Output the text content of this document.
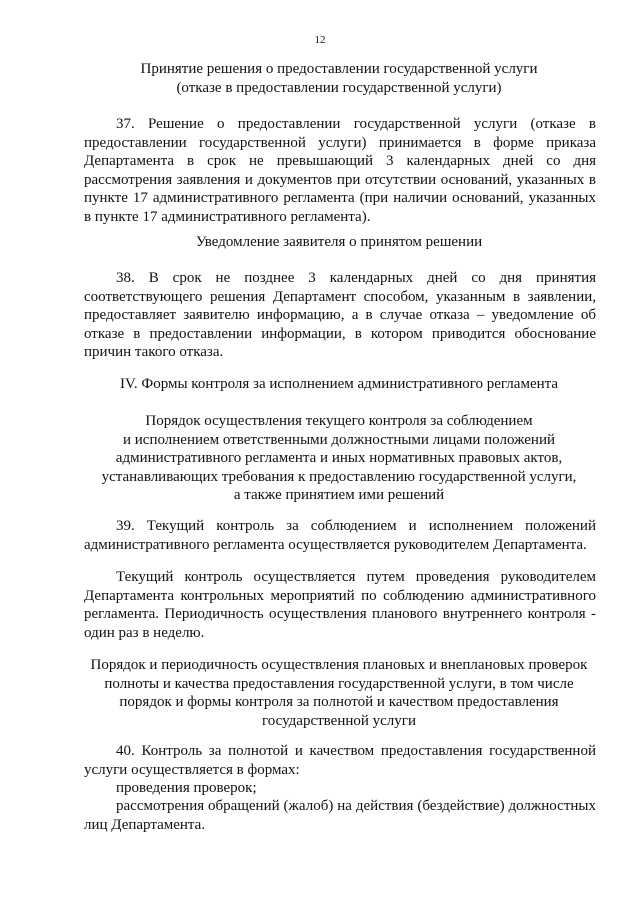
12
Принятие решения о предоставлении государственной услуги
(отказе в предоставлении государственной услуги)
37. Решение о предоставлении государственной услуги (отказе в предоставлении государственной услуги) принимается в форме приказа Департамента в срок не превышающий 3 календарных дней со дня рассмотрения заявления и документов при отсутствии оснований, указанных в пункте 17 административного регламента (при наличии оснований, указанных в пункте 17 административного регламента).
Уведомление заявителя о принятом решении
38. В срок не позднее 3 календарных дней со дня принятия соответствующего решения Департамент способом, указанным в заявлении, предоставляет заявителю информацию, а в случае отказа – уведомление об отказе в предоставлении информации, в котором приводится обоснование причин такого отказа.
IV. Формы контроля за исполнением административного регламента
Порядок осуществления текущего контроля за соблюдением
и исполнением ответственными должностными лицами положений
административного регламента и иных нормативных правовых актов,
устанавливающих требования к предоставлению государственной услуги,
а также принятием ими решений
39. Текущий контроль за соблюдением и исполнением положений административного регламента осуществляется руководителем Департамента.
Текущий контроль осуществляется путем проведения руководителем Департамента контрольных мероприятий по соблюдению административного регламента. Периодичность осуществления планового внутреннего контроля - один раз в неделю.
Порядок и периодичность осуществления плановых и внеплановых проверок
полноты и качества предоставления государственной услуги, в том числе
порядок и формы контроля за полнотой и качеством предоставления
государственной услуги
40. Контроль за полнотой и качеством предоставления государственной услуги осуществляется в формах:
проведения проверок;
рассмотрения обращений (жалоб) на действия (бездействие) должностных лиц Департамента.
